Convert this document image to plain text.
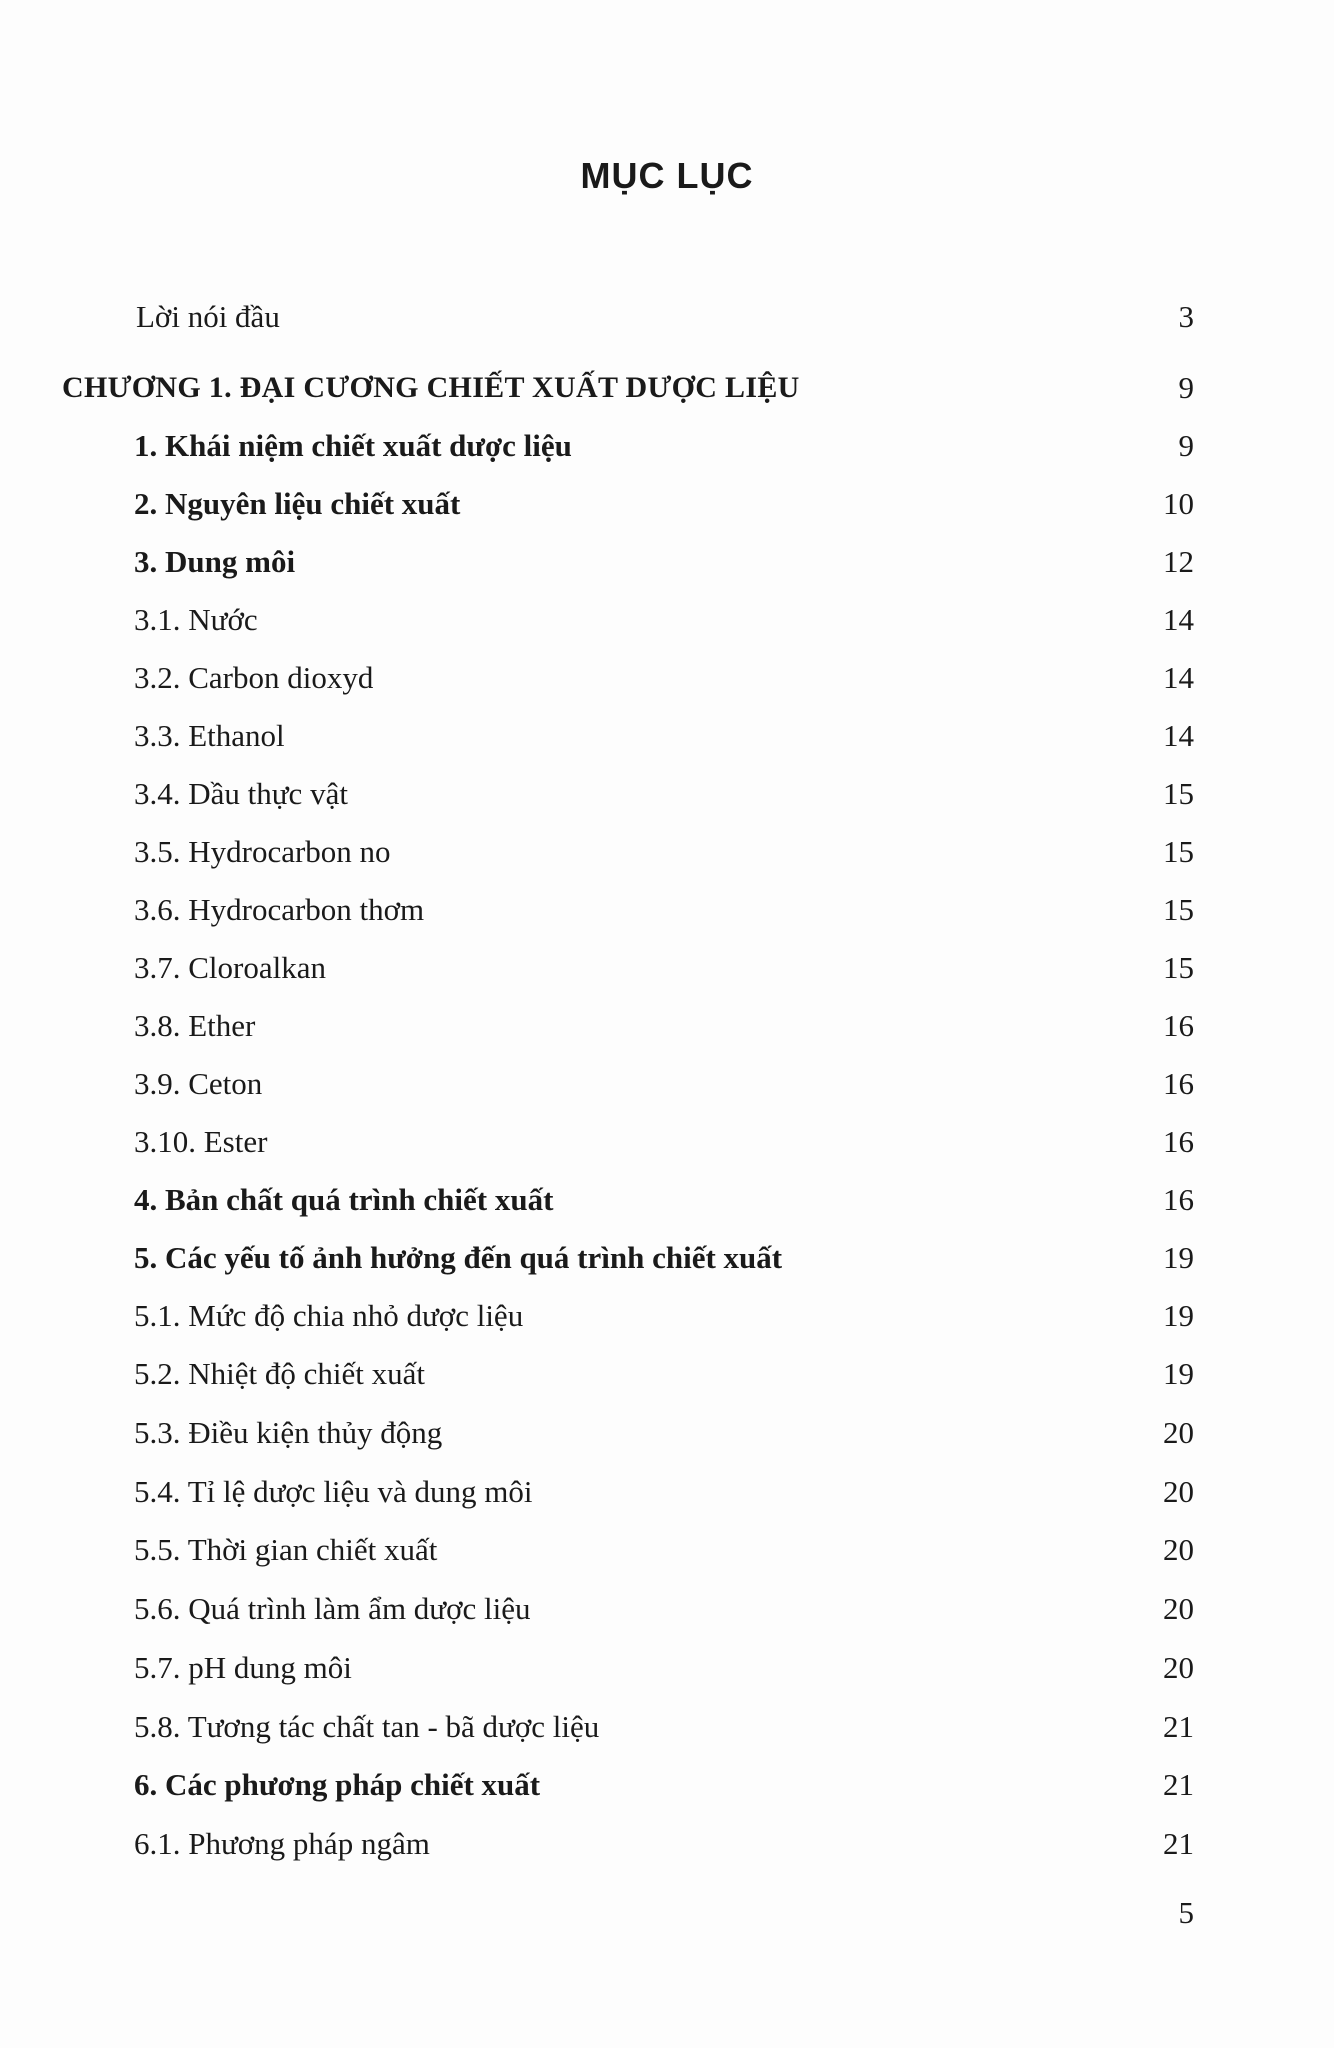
MỤC LỤC
Lời nói đầu	3
CHƯƠNG 1. ĐẠI CƯƠNG CHIẾT XUẤT DƯỢC LIỆU	9
1. Khái niệm chiết xuất dược liệu	9
2. Nguyên liệu chiết xuất	10
3. Dung môi	12
3.1. Nước	14
3.2. Carbon dioxyd	14
3.3. Ethanol	14
3.4. Dầu thực vật	15
3.5. Hydrocarbon no	15
3.6. Hydrocarbon thơm	15
3.7. Cloroalkan	15
3.8. Ether	16
3.9. Ceton	16
3.10. Ester	16
4. Bản chất quá trình chiết xuất	16
5. Các yếu tố ảnh hưởng đến quá trình chiết xuất	19
5.1. Mức độ chia nhỏ dược liệu	19
5.2. Nhiệt độ chiết xuất	19
5.3. Điều kiện thủy động	20
5.4. Tỉ lệ dược liệu và dung môi	20
5.5. Thời gian chiết xuất	20
5.6. Quá trình làm ẩm dược liệu	20
5.7. pH dung môi	20
5.8. Tương tác chất tan - bã dược liệu	21
6. Các phương pháp chiết xuất	21
6.1. Phương pháp ngâm	21
5
